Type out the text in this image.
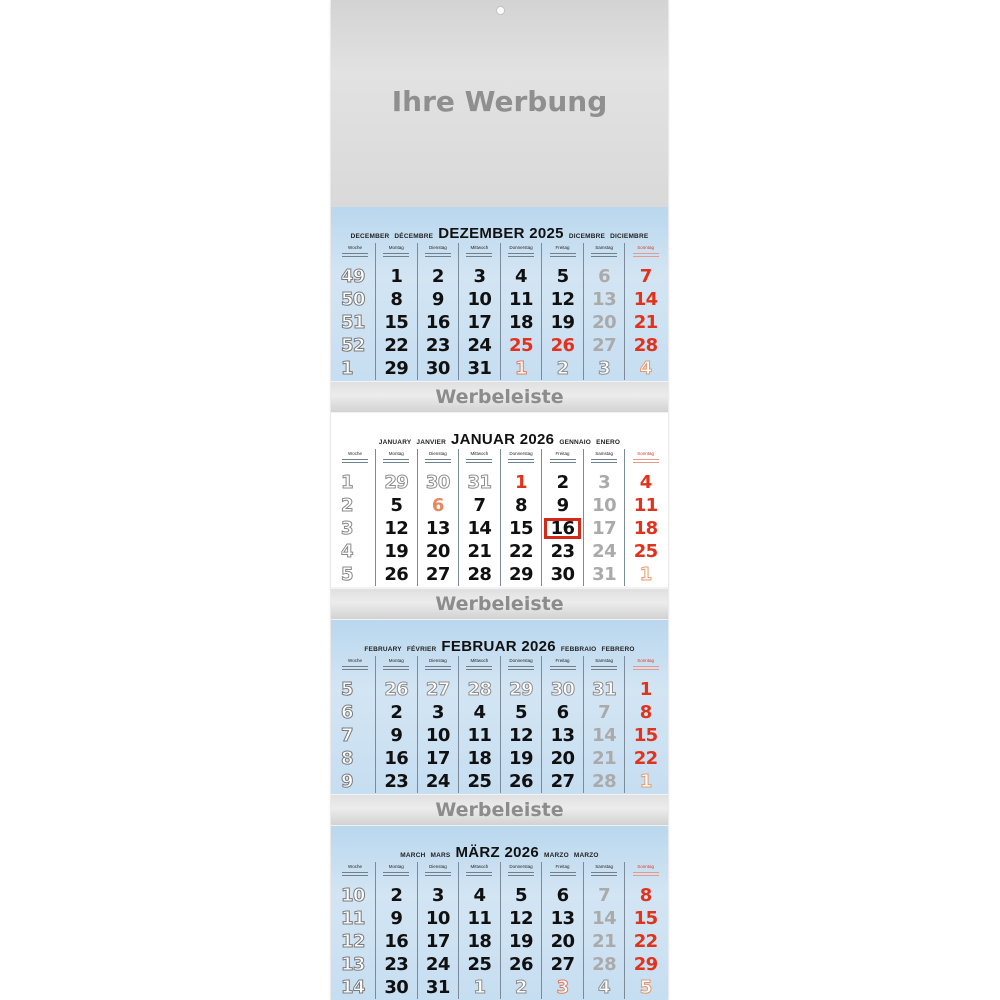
Ihre Werbung
DECEMBER DÉCEMBRE DEZEMBER 2025 DICEMBRE DICIEMBRE
Woche	Montag	Dienstag	Mittwoch	Donnerstag	Freitag	Samstag	Sonntag
49 1 2 3 4 5 6 7
50 8 9 10 11 12 13 14
51 15 16 17 18 19 20 21
52 22 23 24 25 26 27 28
1 29 30 31 1 2 3 4
Werbeleiste
JANUARY JANVIER JANUAR 2026 GENNAIO ENERO
Woche	Montag	Dienstag	Mittwoch	Donnerstag	Freitag	Samstag	Sonntag
1 29 30 31 1 2 3 4
2 5 6 7 8 9 10 11
3 12 13 14 15 16 17 18
4 19 20 21 22 23 24 25
5 26 27 28 29 30 31 1
Werbeleiste
FEBRUARY FÉVRIER FEBRUAR 2026 FEBBRAIO FEBRERO
Woche	Montag	Dienstag	Mittwoch	Donnerstag	Freitag	Samstag	Sonntag
5 26 27 28 29 30 31 1
6 2 3 4 5 6 7 8
7 9 10 11 12 13 14 15
8 16 17 18 19 20 21 22
9 23 24 25 26 27 28 1
Werbeleiste
MARCH MARS MÄRZ 2026 MARZO MARZO
Woche	Montag	Dienstag	Mittwoch	Donnerstag	Freitag	Samstag	Sonntag
10 2 3 4 5 6 7 8
11 9 10 11 12 13 14 15
12 16 17 18 19 20 21 22
13 23 24 25 26 27 28 29
14 30 31 1 2 3 4 5
